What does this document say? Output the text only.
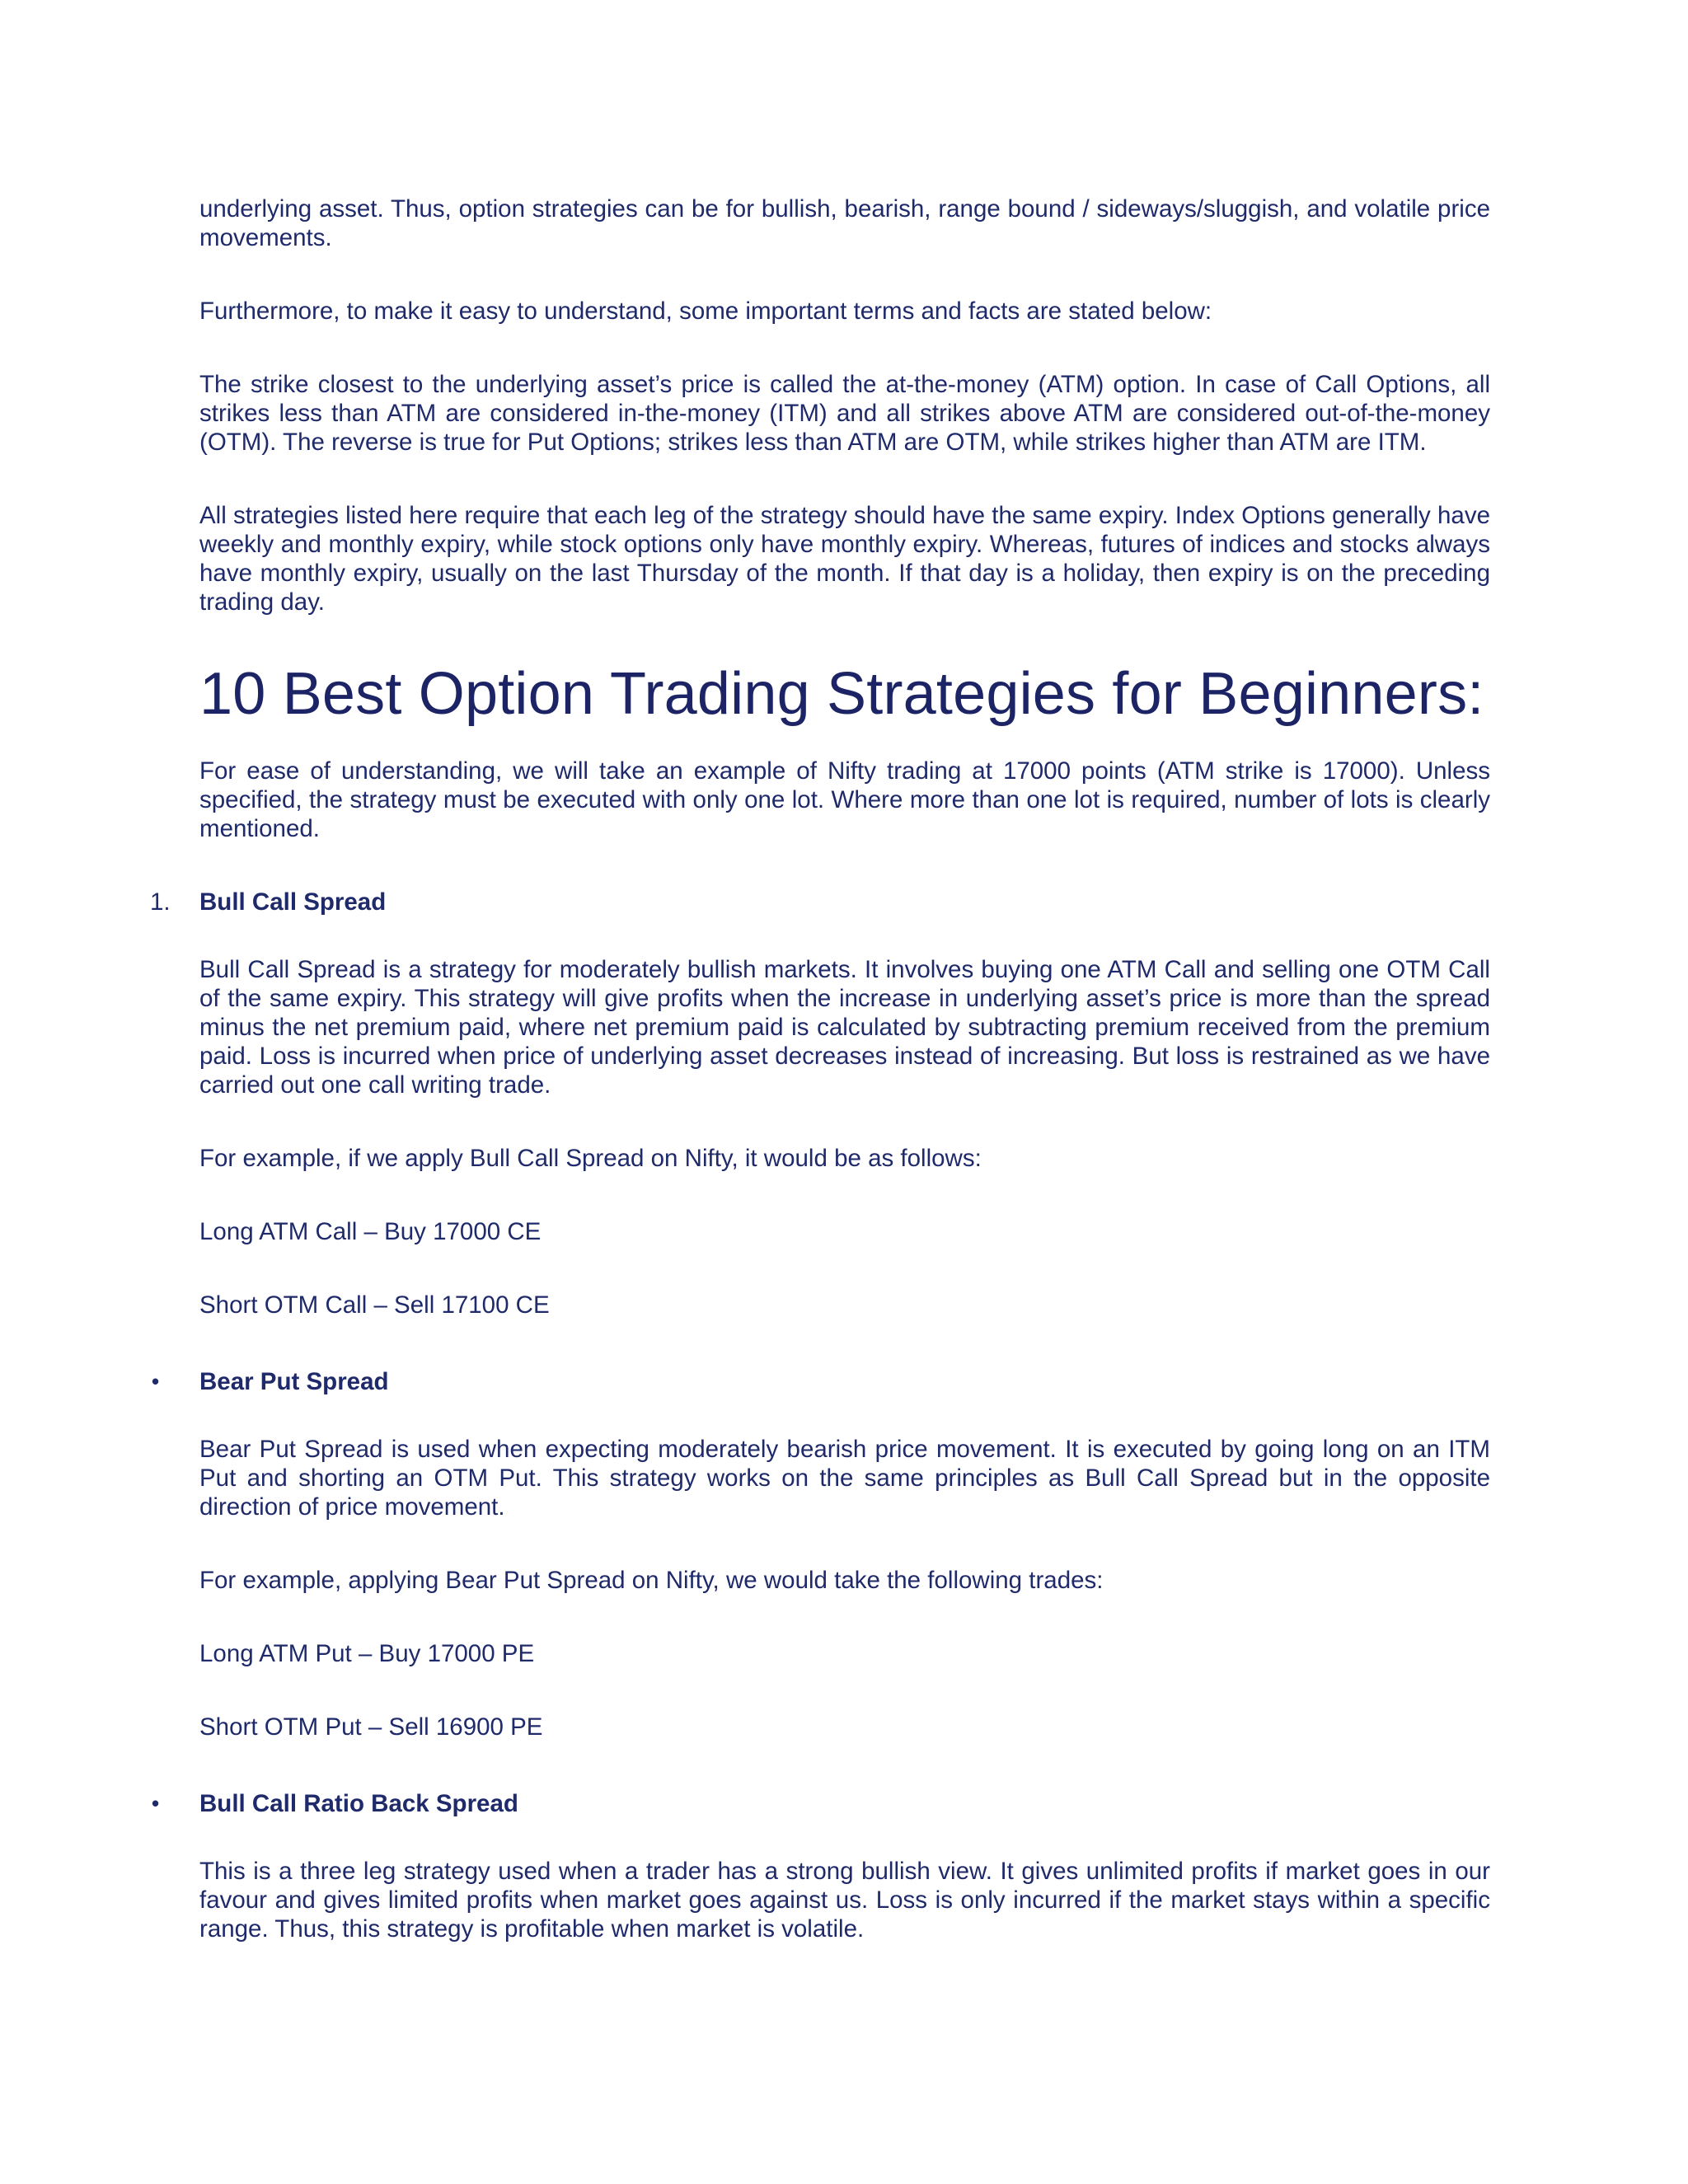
underlying asset. Thus, option strategies can be for bullish, bearish, range bound / sideways/sluggish, and volatile price movements.

Furthermore, to make it easy to understand, some important terms and facts are stated below:

The strike closest to the underlying asset’s price is called the at-the-money (ATM) option. In case of Call Options, all strikes less than ATM are considered in-the-money (ITM) and all strikes above ATM are considered out-of-the-money (OTM). The reverse is true for Put Options; strikes less than ATM are OTM, while strikes higher than ATM are ITM.

All strategies listed here require that each leg of the strategy should have the same expiry. Index Options generally have weekly and monthly expiry, while stock options only have monthly expiry. Whereas, futures of indices and stocks always have monthly expiry, usually on the last Thursday of the month. If that day is a holiday, then expiry is on the preceding trading day.

10 Best Option Trading Strategies for Beginners:

For ease of understanding, we will take an example of Nifty trading at 17000 points (ATM strike is 17000). Unless specified, the strategy must be executed with only one lot. Where more than one lot is required, number of lots is clearly mentioned.

1.	Bull Call Spread

Bull Call Spread is a strategy for moderately bullish markets. It involves buying one ATM Call and selling one OTM Call of the same expiry. This strategy will give profits when the increase in underlying asset’s price is more than the spread minus the net premium paid, where net premium paid is calculated by subtracting premium received from the premium paid. Loss is incurred when price of underlying asset decreases instead of increasing. But loss is restrained as we have carried out one call writing trade.

For example, if we apply Bull Call Spread on Nifty, it would be as follows:

Long ATM Call – Buy 17000 CE

Short OTM Call – Sell 17100 CE

• Bear Put Spread

Bear Put Spread is used when expecting moderately bearish price movement. It is executed by going long on an ITM Put and shorting an OTM Put. This strategy works on the same principles as Bull Call Spread but in the opposite direction of price movement.

For example, applying Bear Put Spread on Nifty, we would take the following trades:

Long ATM Put – Buy 17000 PE

Short OTM Put – Sell 16900 PE

• Bull Call Ratio Back Spread

This is a three leg strategy used when a trader has a strong bullish view. It gives unlimited profits if market goes in our favour and gives limited profits when market goes against us. Loss is only incurred if the market stays within a specific range. Thus, this strategy is profitable when market is volatile.
